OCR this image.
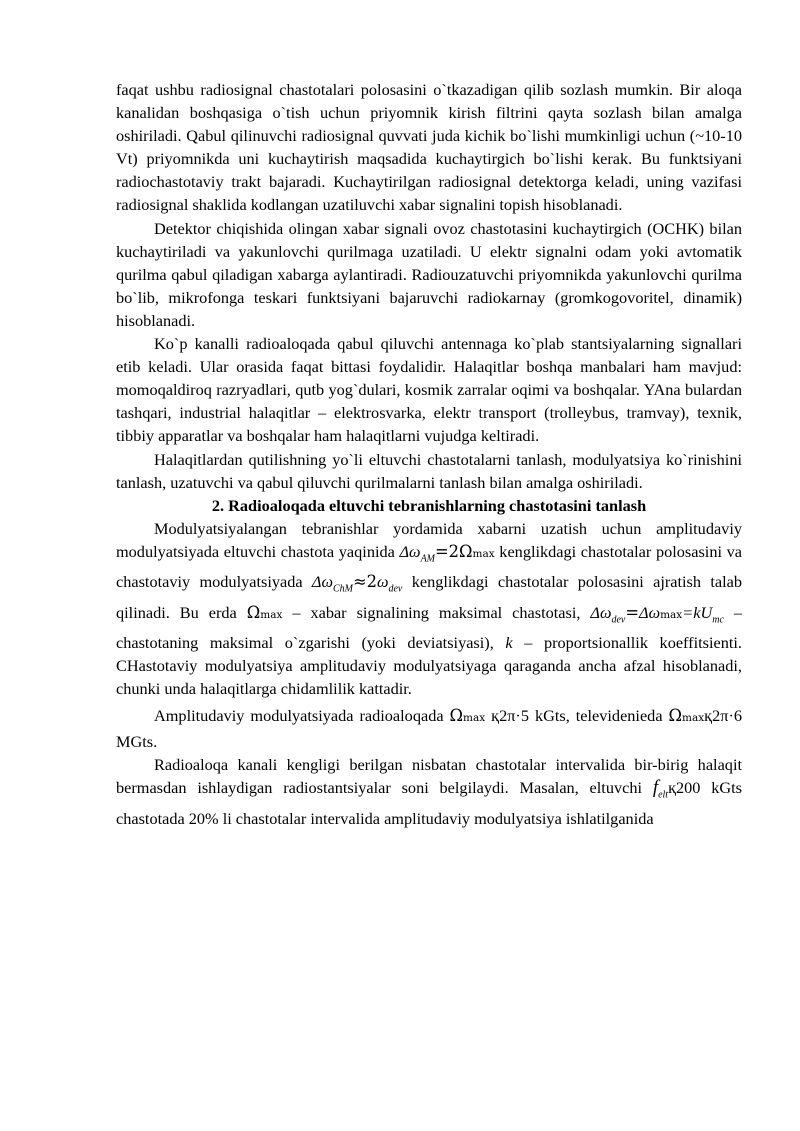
faqat ushbu radiosignal chastotalari polosasini o`tkazadigan qilib sozlash mumkin. Bir aloqa kanalidan boshqasiga o`tish uchun priyomnik kirish filtrini qayta sozlash bilan amalga oshiriladi. Qabul qilinuvchi radiosignal quvvati juda kichik bo`lishi mumkinligi uchun (~10-10 Vt) priyomnikda uni kuchaytirish maqsadida kuchaytirgich bo`lishi kerak. Bu funktsiyani radiochastotaviy trakt bajaradi. Kuchaytirilgan radiosignal detektorga keladi, uning vazifasi radiosignal shaklida kodlangan uzatiluvchi xabar signalini topish hisoblanadi.

Detektor chiqishida olingan xabar signali ovoz chastotasini kuchaytirgich (OCHK) bilan kuchaytiriladi va yakunlovchi qurilmaga uzatiladi. U elektr signalni odam yoki avtomatik qurilma qabul qiladigan xabarga aylantiradi. Radiouzatuvchi priyomnikda yakunlovchi qurilma bo`lib, mikrofonga teskari funktsiyani bajaruvchi radiokarnay (gromkogovoritel, dinamik) hisoblanadi.

Ko`p kanalli radioaloqada qabul qiluvchi antennaga ko`plab stantsiyalarning signallari etib keladi. Ular orasida faqat bittasi foydalidir. Halaqitlar boshqa manbalari ham mavjud: momoqaldiroq razryadlari, qutb yog`dulari, kosmik zarralar oqimi va boshqalar. YAna bulardan tashqari, industrial halaqitlar – elektrosvarka, elektr transport (trolleybus, tramvay), texnik, tibbiy apparatlar va boshqalar ham halaqitlarni vujudga keltiradi.

Halaqitlardan qutilishning yo`li eltuvchi chastotalarni tanlash, modulyatsiya ko`rinishini tanlash, uzatuvchi va qabul qiluvchi qurilmalarni tanlash bilan amalga oshiriladi.

2. Radioaloqada eltuvchi tebranishlarning chastotasini tanlash

Modulyatsiyalangan tebranishlar yordamida xabarni uzatish uchun amplitudaviy modulyatsiyada eltuvchi chastota yaqinida $\Delta\omega_{AM}=2\Omega\max$ kenglikdagi chastotalar polosasini va chastotaviy modulyatsiyada $\Delta\omega_{ChM}\approx 2\omega_{dev}$ kenglikdagi chastotalar polosasini ajratish talab qilinadi. Bu erda Ωmax – xabar signalining maksimal chastotasi, $\Delta\omega_{dev}=\Delta\omega\max=kU_{mc}$ – chastotaning maksimal o`zgarishi (yoki deviatsiyasi), k – proportsionallik koeffitsienti. CHastotaviy modulyatsiya amplitudaviy modulyatsiyaga qaraganda ancha afzal hisoblanadi, chunki unda halaqitlarga chidamlilik kattadir.

Amplitudaviy modulyatsiyada radioaloqada Ωmax қ2π·5 kGts, televidenieda Ωmaxқ2π·6 MGts.

Radioaloqa kanali kengligi berilgan nisbatan chastotalar intervalida bir-birig halaqit bermasdan ishlaydigan radiostantsiyalar soni belgilaydi. Masalan, eltuvchi $f_{elt}қ200$ kGts chastotada 20% li chastotalar intervalida amplitudaviy modulyatsiya ishlatilganida
